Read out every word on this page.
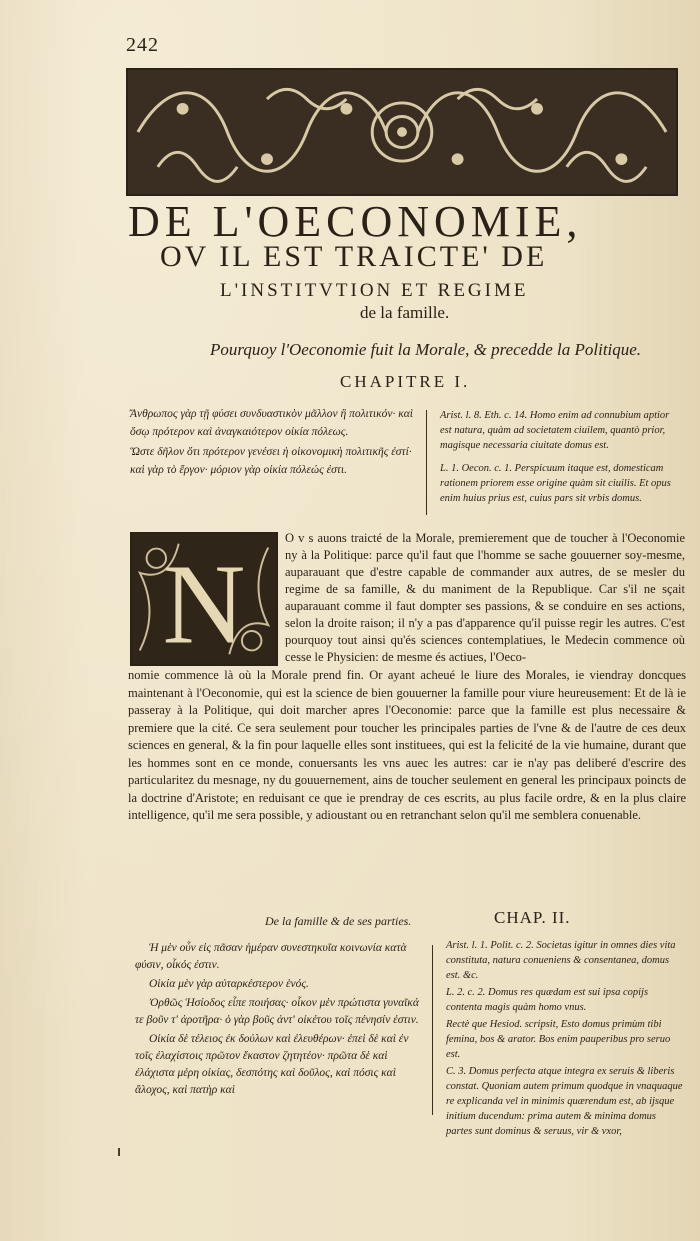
242
DE L'OECONOMIE,
OV IL EST TRAICTE' DE
L'INSTITVTION ET REGIME
de la famille.
Pourquoy l'Oeconomie fuit la Morale, & precedde la Politique.
CHAPITRE I.

Ἄνθρωπος γὰρ τῇ φύσει συνδυαστικὸν μᾶλλον ἢ πολιτικόν· καὶ ὅσῳ πρότερον καὶ ἀναγκαιότερον οἰκία πόλεως.

Ὥστε δῆλον ὅτι πρότερον γενέσει ἡ οἰκονομικὴ πολιτικῆς ἐστί· καὶ γὰρ τὸ ἔργον· μόριον γὰρ οἰκία πόλεώς ἐστι.

Arist. l. 8. Eth. c. 14. Homo enim ad connubium aptior est natura, quàm ad societatem ciuilem, quantò prior, magisque necessaria ciuitate domus est.

L. 1. Oecon. c. 1. Perspicuum itaque est, domesticam rationem priorem esse origine quàm sit ciuilis. Et opus enim huius prius est, cuius pars sit vrbis domus.

N
O v s auons traicté de la Morale, premierement que de toucher à l'Oeconomie ny à la Politique: parce qu'il faut que l'homme se sache gouuerner soy-mesme, auparauant que d'estre capable de commander aux autres, de se mesler du regime de sa famille, & du maniment de la Republique. Car s'il ne sçait auparauant comme il faut dompter ses passions, & se conduire en ses actions, selon la droite raison; il n'y a pas d'apparence qu'il puisse regir les autres. C'est pourquoy tout ainsi qu'és sciences contemplatiues, le Medecin commence où cesse le Physicien: de mesme és actiues, l'Oeco-
nomie commence là où la Morale prend fin. Or ayant acheué le liure des Morales, ie viendray doncques maintenant à l'Oeconomie, qui est la science de bien gouuerner la famille pour viure heureusement: Et de là ie passeray à la Politique, qui doit marcher apres l'Oeconomie: parce que la famille est plus necessaire & premiere que la cité. Ce sera seulement pour toucher les principales parties de l'vne & de l'autre de ces deux sciences en general, & la fin pour laquelle elles sont instituees, qui est la felicité de la vie humaine, durant que les hommes sont en ce monde, conuersants les vns auec les autres: car ie n'ay pas deliberé d'escrire des particularitez du mesnage, ny du gouuernement, ains de toucher seulement en general les principaux poincts de la doctrine d'Aristote; en reduisant ce que ie prendray de ces escrits, au plus facile ordre, & en la plus claire intelligence, qu'il me sera possible, y adioustant ou en retranchant selon qu'il me semblera conuenable.
De la famille & de ses parties.	CHAP. II.

Ἡ μὲν οὖν εἰς πᾶσαν ἡμέραν συνεστηκυῖα κοινωνία κατὰ φύσιν, οἶκός ἐστιν.

Οἰκία μὲν γὰρ αὐταρκέστερον ἑνός.

Ὀρθῶς Ἡσίοδος εἶπε ποιήσας· οἶκον μὲν πρώτιστα γυναῖκά τε βοῦν τ' ἀροτῆρα· ὁ γὰρ βοῦς ἀντ' οἰκέτου τοῖς πένησίν ἐστιν.

Οἰκία δὲ τέλειος ἐκ δούλων καὶ ἐλευθέρων· ἐπεὶ δὲ καὶ ἐν τοῖς ἐλαχίστοις πρῶτον ἕκαστον ζητητέον· πρῶτα δὲ καὶ ἐλάχιστα μέρη οἰκίας, δεσπότης καὶ δοῦλος, καὶ πόσις καὶ ἄλοχος, καὶ πατὴρ καὶ

Arist. l. 1. Polit. c. 2. Societas igitur in omnes dies vita constituta, natura conueniens & consentanea, domus est. &c.

L. 2. c. 2. Domus res quædam est sui ipsa copijs contenta magis quàm homo vnus.

Rectè que Hesiod. scripsit, Esto domus primùm tibi femina, bos & arator. Bos enim pauperibus pro seruo est.

C. 3. Domus perfecta atque integra ex seruis & liberis constat. Quoniam autem primum quodque in vnaquaque re explicanda vel in minimis quærendum est, ab ijsque initium ducendum: prima autem & minima domus partes sunt dominus & seruus, vir & vxor,
